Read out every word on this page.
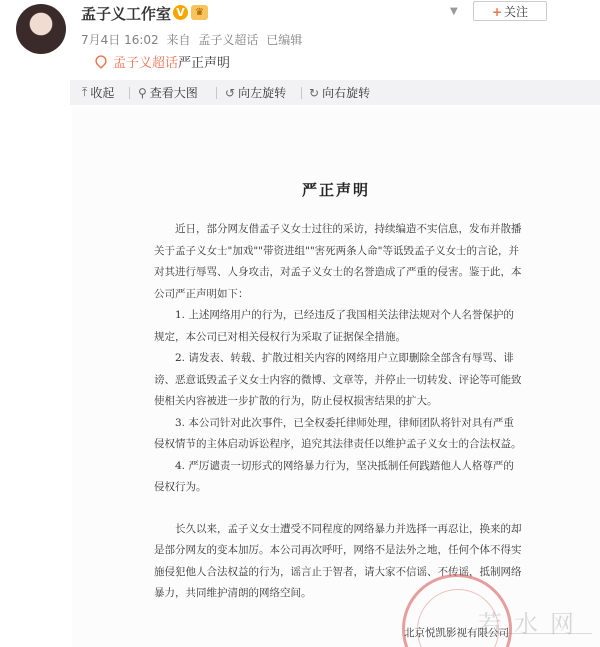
孟子义工作室 V	♛	▼	+ 关注
7月4日 16:02 来自 孟子义超话 已编辑
孟子义超话严正声明
⤒ 收起 ⚲ 查看大图 ↺ 向左旋转 ↻ 向右旋转
严正声明

近日，部分网友借孟子义女士过往的采访，持续编造不实信息，发布并散播关于孟子义女士"加戏""带资进组""害死两条人命"等诋毁孟子义女士的言论，并对其进行辱骂、人身攻击，对孟子义女士的名誉造成了严重的侵害。鉴于此，本公司严正声明如下：

1. 上述网络用户的行为，已经违反了我国相关法律法规对个人名誉保护的规定，本公司已对相关侵权行为采取了证据保全措施。

2. 请发表、转载、扩散过相关内容的网络用户立即删除全部含有辱骂、诽谤、恶意诋毁孟子义女士内容的微博、文章等，并停止一切转发、评论等可能致使相关内容被进一步扩散的行为，防止侵权损害结果的扩大。

3. 本公司针对此次事件，已全权委托律师处理，律师团队将针对具有严重侵权情节的主体启动诉讼程序，追究其法律责任以维护孟子义女士的合法权益。

4. 严厉谴责一切形式的网络暴力行为，坚决抵制任何践踏他人人格尊严的侵权行为。

长久以来，孟子义女士遭受不同程度的网络暴力并选择一再忍让，换来的却是部分网友的变本加厉。本公司再次呼吁，网络不是法外之地，任何个体不得实施侵犯他人合法权益的行为，谣言止于智者，请大家不信谣、不传谣，抵制网络暴力，共同维护清朗的网络空间。

北京悦凯影视有限公司
若水网
